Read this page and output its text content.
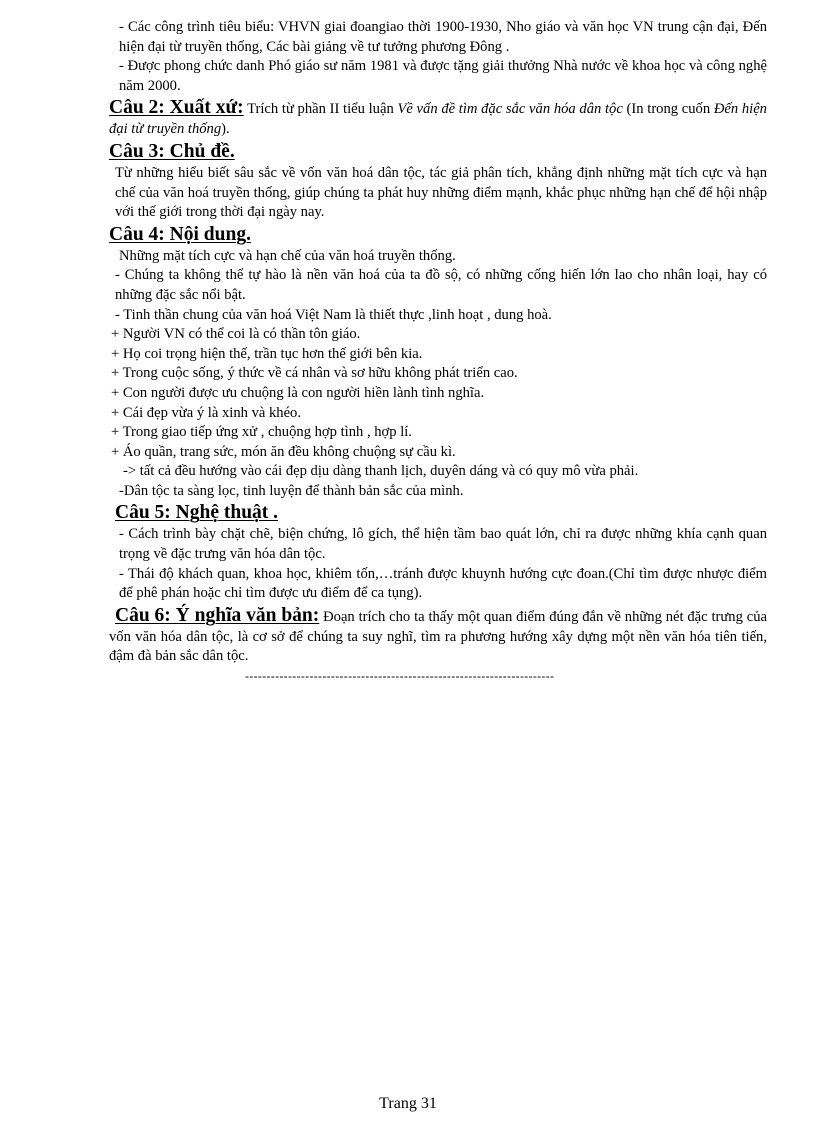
- Các công trình tiêu biểu: VHVN giai đoangiao thời 1900-1930, Nho giáo và văn học VN trung cận đại, Đến hiện đại từ truyền thống, Các bài giảng về tư tưởng phương Đông .

- Được phong chức danh Phó giáo sư năm 1981 và được tặng giải thưởng Nhà nước về khoa học và công nghệ năm 2000.

Câu 2: Xuất xứ: Trích từ phần II tiểu luận Về vấn đề tìm đặc sắc văn hóa dân tộc (In trong cuốn Đến hiện đại từ truyền thống).

Câu 3: Chủ đề.

Từ những hiểu biết sâu sắc về vốn văn hoá dân tộc, tác giả phân tích, khẳng định những mặt tích cực và hạn chế của văn hoá truyền thống, giúp chúng ta phát huy những điểm mạnh, khắc phục những hạn chế để hội nhập với thế giới trong thời đại ngày nay.

Câu 4: Nội dung.

Những mặt tích cực và hạn chế của văn hoá truyền thống.

- Chúng ta không thể tự hào là nền văn hoá của ta đồ sộ, có những cống hiến lớn lao cho nhân loại, hay có những đặc sắc nổi bật.

- Tinh thần chung của văn hoá Việt Nam là thiết thực ,linh hoạt , dung hoà.

+ Người VN có thể coi là có thần tôn giáo.

+ Họ coi trọng hiện thế, trần tục hơn thế giới bên kia.

+ Trong cuộc sống, ý thức về cá nhân và sơ hữu không phát triển cao.

+ Con người được ưu chuộng là con người hiền lành tình nghĩa.

+ Cái đẹp vừa ý là xinh và khéo.

+ Trong giao tiếp ứng xử , chuộng hợp tình , hợp lí.

+ Áo quần, trang sức, món ăn đều không chuộng sự cầu kì.

-> tất cả đều hướng vào cái đẹp dịu dàng thanh lịch, duyên dáng và có quy mô vừa phải.

-Dân tộc ta sàng lọc, tinh luyện để thành bản sắc của mình.

Câu 5: Nghệ thuật .

- Cách trình bày chặt chẽ, biện chứng, lô gích, thể hiện tầm bao quát lớn, chỉ ra được những khía cạnh quan trọng về đặc trưng văn hóa dân tộc.

- Thái độ khách quan, khoa học, khiêm tốn,…tránh được khuynh hướng cực đoan.(Chỉ tìm được nhược điểm để phê phán hoặc chỉ tìm được ưu điểm để ca tụng).

Câu 6: Ý nghĩa văn bản: Đoạn trích cho ta thấy một quan điểm đúng đắn về những nét đặc trưng của vốn văn hóa dân tộc, là cơ sở để chúng ta suy nghĩ, tìm ra phương hướng xây dựng một nền văn hóa tiên tiến, đậm đà bản sắc dân tộc.

------------------------------------------------------------------------
Trang 31
